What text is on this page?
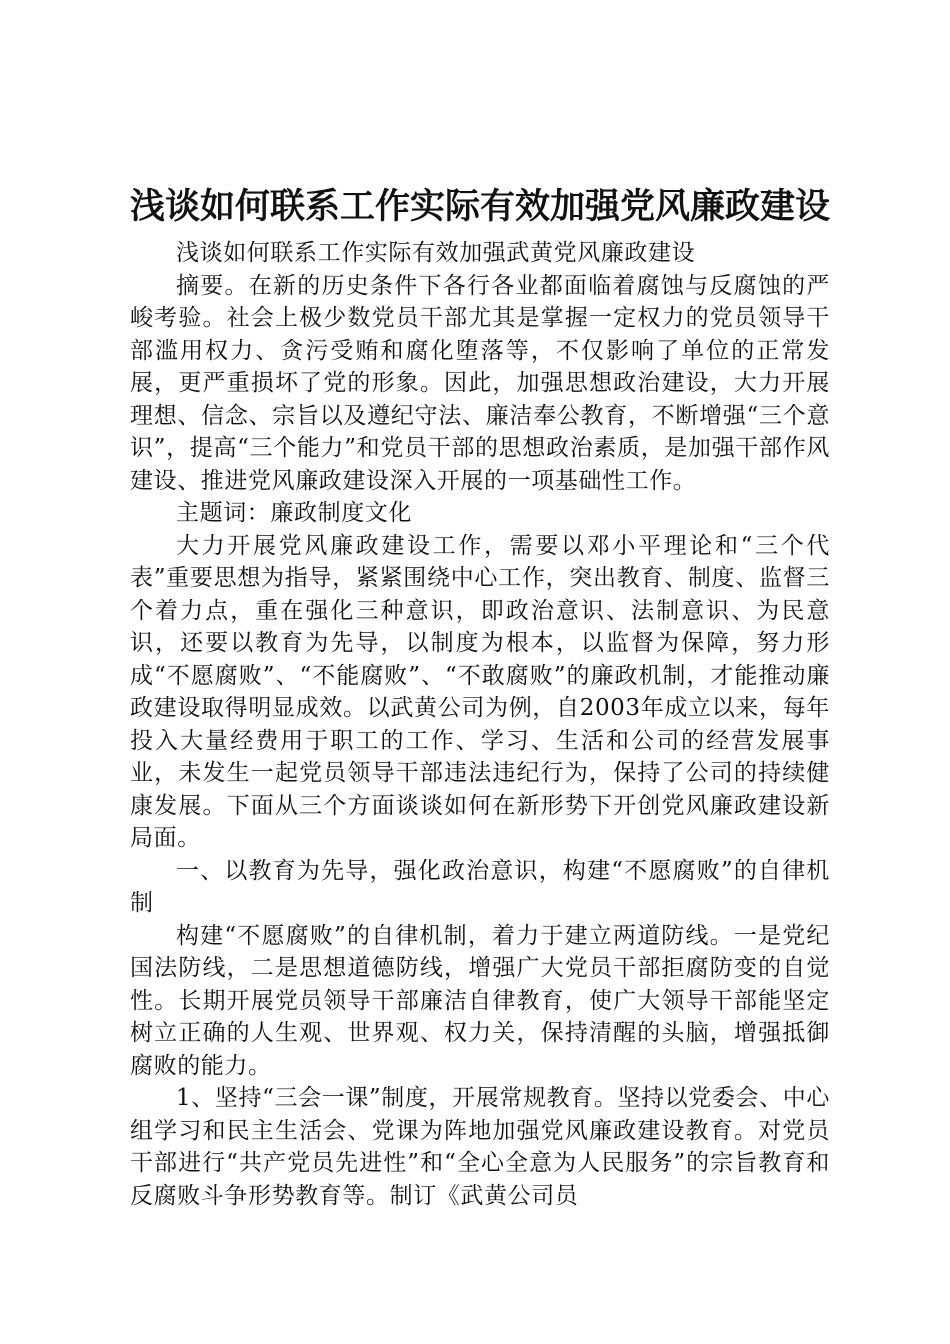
浅谈如何联系工作实际有效加强党风廉政建设

浅谈如何联系工作实际有效加强武黄党风廉政建设

摘要。在新的历史条件下各行各业都面临着腐蚀与反腐蚀的严峻考验。社会上极少数党员干部尤其是掌握一定权力的党员领导干部滥用权力、贪污受贿和腐化堕落等，不仅影响了单位的正常发展，更严重损坏了党的形象。因此，加强思想政治建设，大力开展理想、信念、宗旨以及遵纪守法、廉洁奉公教育，不断增强“三个意识”，提高“三个能力”和党员干部的思想政治素质，是加强干部作风建设、推进党风廉政建设深入开展的一项基础性工作。

主题词：廉政制度文化

大力开展党风廉政建设工作，需要以邓小平理论和“三个代表”重要思想为指导，紧紧围绕中心工作，突出教育、制度、监督三个着力点，重在强化三种意识，即政治意识、法制意识、为民意识，还要以教育为先导，以制度为根本，以监督为保障，努力形成“不愿腐败”、“不能腐败”、“不敢腐败”的廉政机制，才能推动廉政建设取得明显成效。以武黄公司为例，自2003年成立以来，每年投入大量经费用于职工的工作、学习、生活和公司的经营发展事业，未发生一起党员领导干部违法违纪行为，保持了公司的持续健康发展。下面从三个方面谈谈如何在新形势下开创党风廉政建设新局面。

一、以教育为先导，强化政治意识，构建“不愿腐败”的自律机制

构建“不愿腐败”的自律机制，着力于建立两道防线。一是党纪国法防线，二是思想道德防线，增强广大党员干部拒腐防变的自觉性。长期开展党员领导干部廉洁自律教育，使广大领导干部能坚定树立正确的人生观、世界观、权力关，保持清醒的头脑，增强抵御腐败的能力。

1、坚持“三会一课”制度，开展常规教育。坚持以党委会、中心组学习和民主生活会、党课为阵地加强党风廉政建设教育。对党员干部进行“共产党员先进性”和“全心全意为人民服务”的宗旨教育和反腐败斗争形势教育等。制订《武黄公司员
